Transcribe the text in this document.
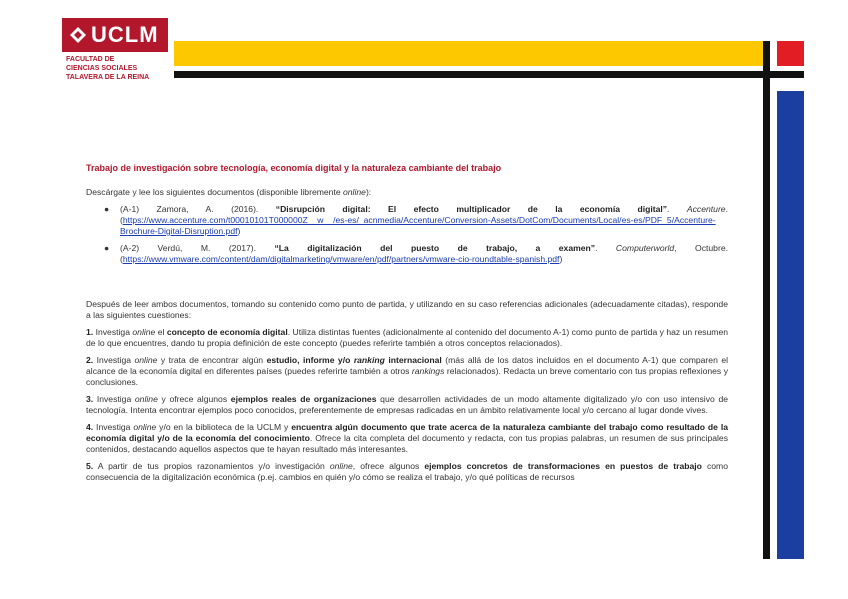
UCLM
FACULTAD DE
CIENCIAS SOCIALES
TALAVERA DE LA REINA
Trabajo de investigación sobre tecnología, economía digital y la naturaleza cambiante del trabajo

Descárgate y lee los siguientes documentos (disponible libremente online):

● (A-1) Zamora, A. (2016). “Disrupción digital: El efecto multiplicador de la economía digital”. Accenture. (https://www.accenture.com/t00010101T000000Z__w__/es-es/_acnmedia/Accenture/Conversion-Assets/DotCom/Documents/Local/es-es/PDF_5/Accenture-Brochure-Digital-Disruption.pdf)
● (A-2) Verdú, M. (2017). “La digitalización del puesto de trabajo, a examen”. Computerworld, Octubre. (https://www.vmware.com/content/dam/digitalmarketing/vmware/en/pdf/partners/vmware-cio-roundtable-spanish.pdf)

Después de leer ambos documentos, tomando su contenido como punto de partida, y utilizando en su caso referencias adicionales (adecuadamente citadas), responde a las siguientes cuestiones:

1. Investiga online el concepto de economía digital. Utiliza distintas fuentes (adicionalmente al contenido del documento A-1) como punto de partida y haz un resumen de lo que encuentres, dando tu propia definición de este concepto (puedes referirte también a otros conceptos relacionados).

2. Investiga online y trata de encontrar algún estudio, informe y/o ranking internacional (más allá de los datos incluidos en el documento A-1) que comparen el alcance de la economía digital en diferentes países (puedes referirte también a otros rankings relacionados). Redacta un breve comentario con tus propias reflexiones y conclusiones.

3. Investiga online y ofrece algunos ejemplos reales de organizaciones que desarrollen actividades de un modo altamente digitalizado y/o con uso intensivo de tecnología. Intenta encontrar ejemplos poco conocidos, preferentemente de empresas radicadas en un ámbito relativamente local y/o cercano al lugar donde vives.

4. Investiga online y/o en la biblioteca de la UCLM y encuentra algún documento que trate acerca de la naturaleza cambiante del trabajo como resultado de la economía digital y/o de la economía del conocimiento. Ofrece la cita completa del documento y redacta, con tus propias palabras, un resumen de sus principales contenidos, destacando aquellos aspectos que te hayan resultado más interesantes.

5. A partir de tus propios razonamientos y/o investigación online, ofrece algunos ejemplos concretos de transformaciones en puestos de trabajo como consecuencia de la digitalización económica (p.ej. cambios en quién y/o cómo se realiza el trabajo, y/o qué políticas de recursos
